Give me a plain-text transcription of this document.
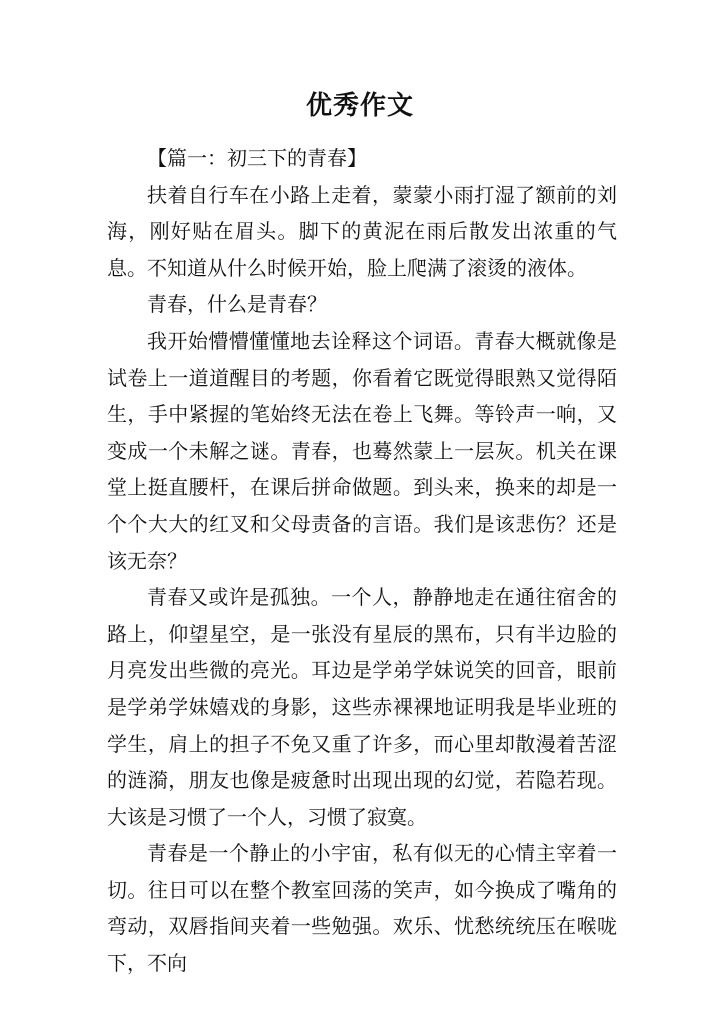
优秀作文

【篇一：初三下的青春】

扶着自行车在小路上走着，蒙蒙小雨打湿了额前的刘海，刚好贴在眉头。脚下的黄泥在雨后散发出浓重的气息。不知道从什么时候开始，脸上爬满了滚烫的液体。

青春，什么是青春？

我开始懵懵懂懂地去诠释这个词语。青春大概就像是试卷上一道道醒目的考题，你看着它既觉得眼熟又觉得陌生，手中紧握的笔始终无法在卷上飞舞。等铃声一响，又变成一个未解之谜。青春，也蓦然蒙上一层灰。机关在课堂上挺直腰杆，在课后拼命做题。到头来，换来的却是一个个大大的红叉和父母责备的言语。我们是该悲伤？还是该无奈？

青春又或许是孤独。一个人，静静地走在通往宿舍的路上，仰望星空，是一张没有星辰的黑布，只有半边脸的月亮发出些微的亮光。耳边是学弟学妹说笑的回音，眼前是学弟学妹嬉戏的身影，这些赤裸裸地证明我是毕业班的学生，肩上的担子不免又重了许多，而心里却散漫着苦涩的涟漪，朋友也像是疲惫时出现出现的幻觉，若隐若现。大该是习惯了一个人，习惯了寂寞。

青春是一个静止的小宇宙，私有似无的心情主宰着一切。往日可以在整个教室回荡的笑声，如今换成了嘴角的弯动，双唇指间夹着一些勉强。欢乐、忧愁统统压在喉咙下，不向
